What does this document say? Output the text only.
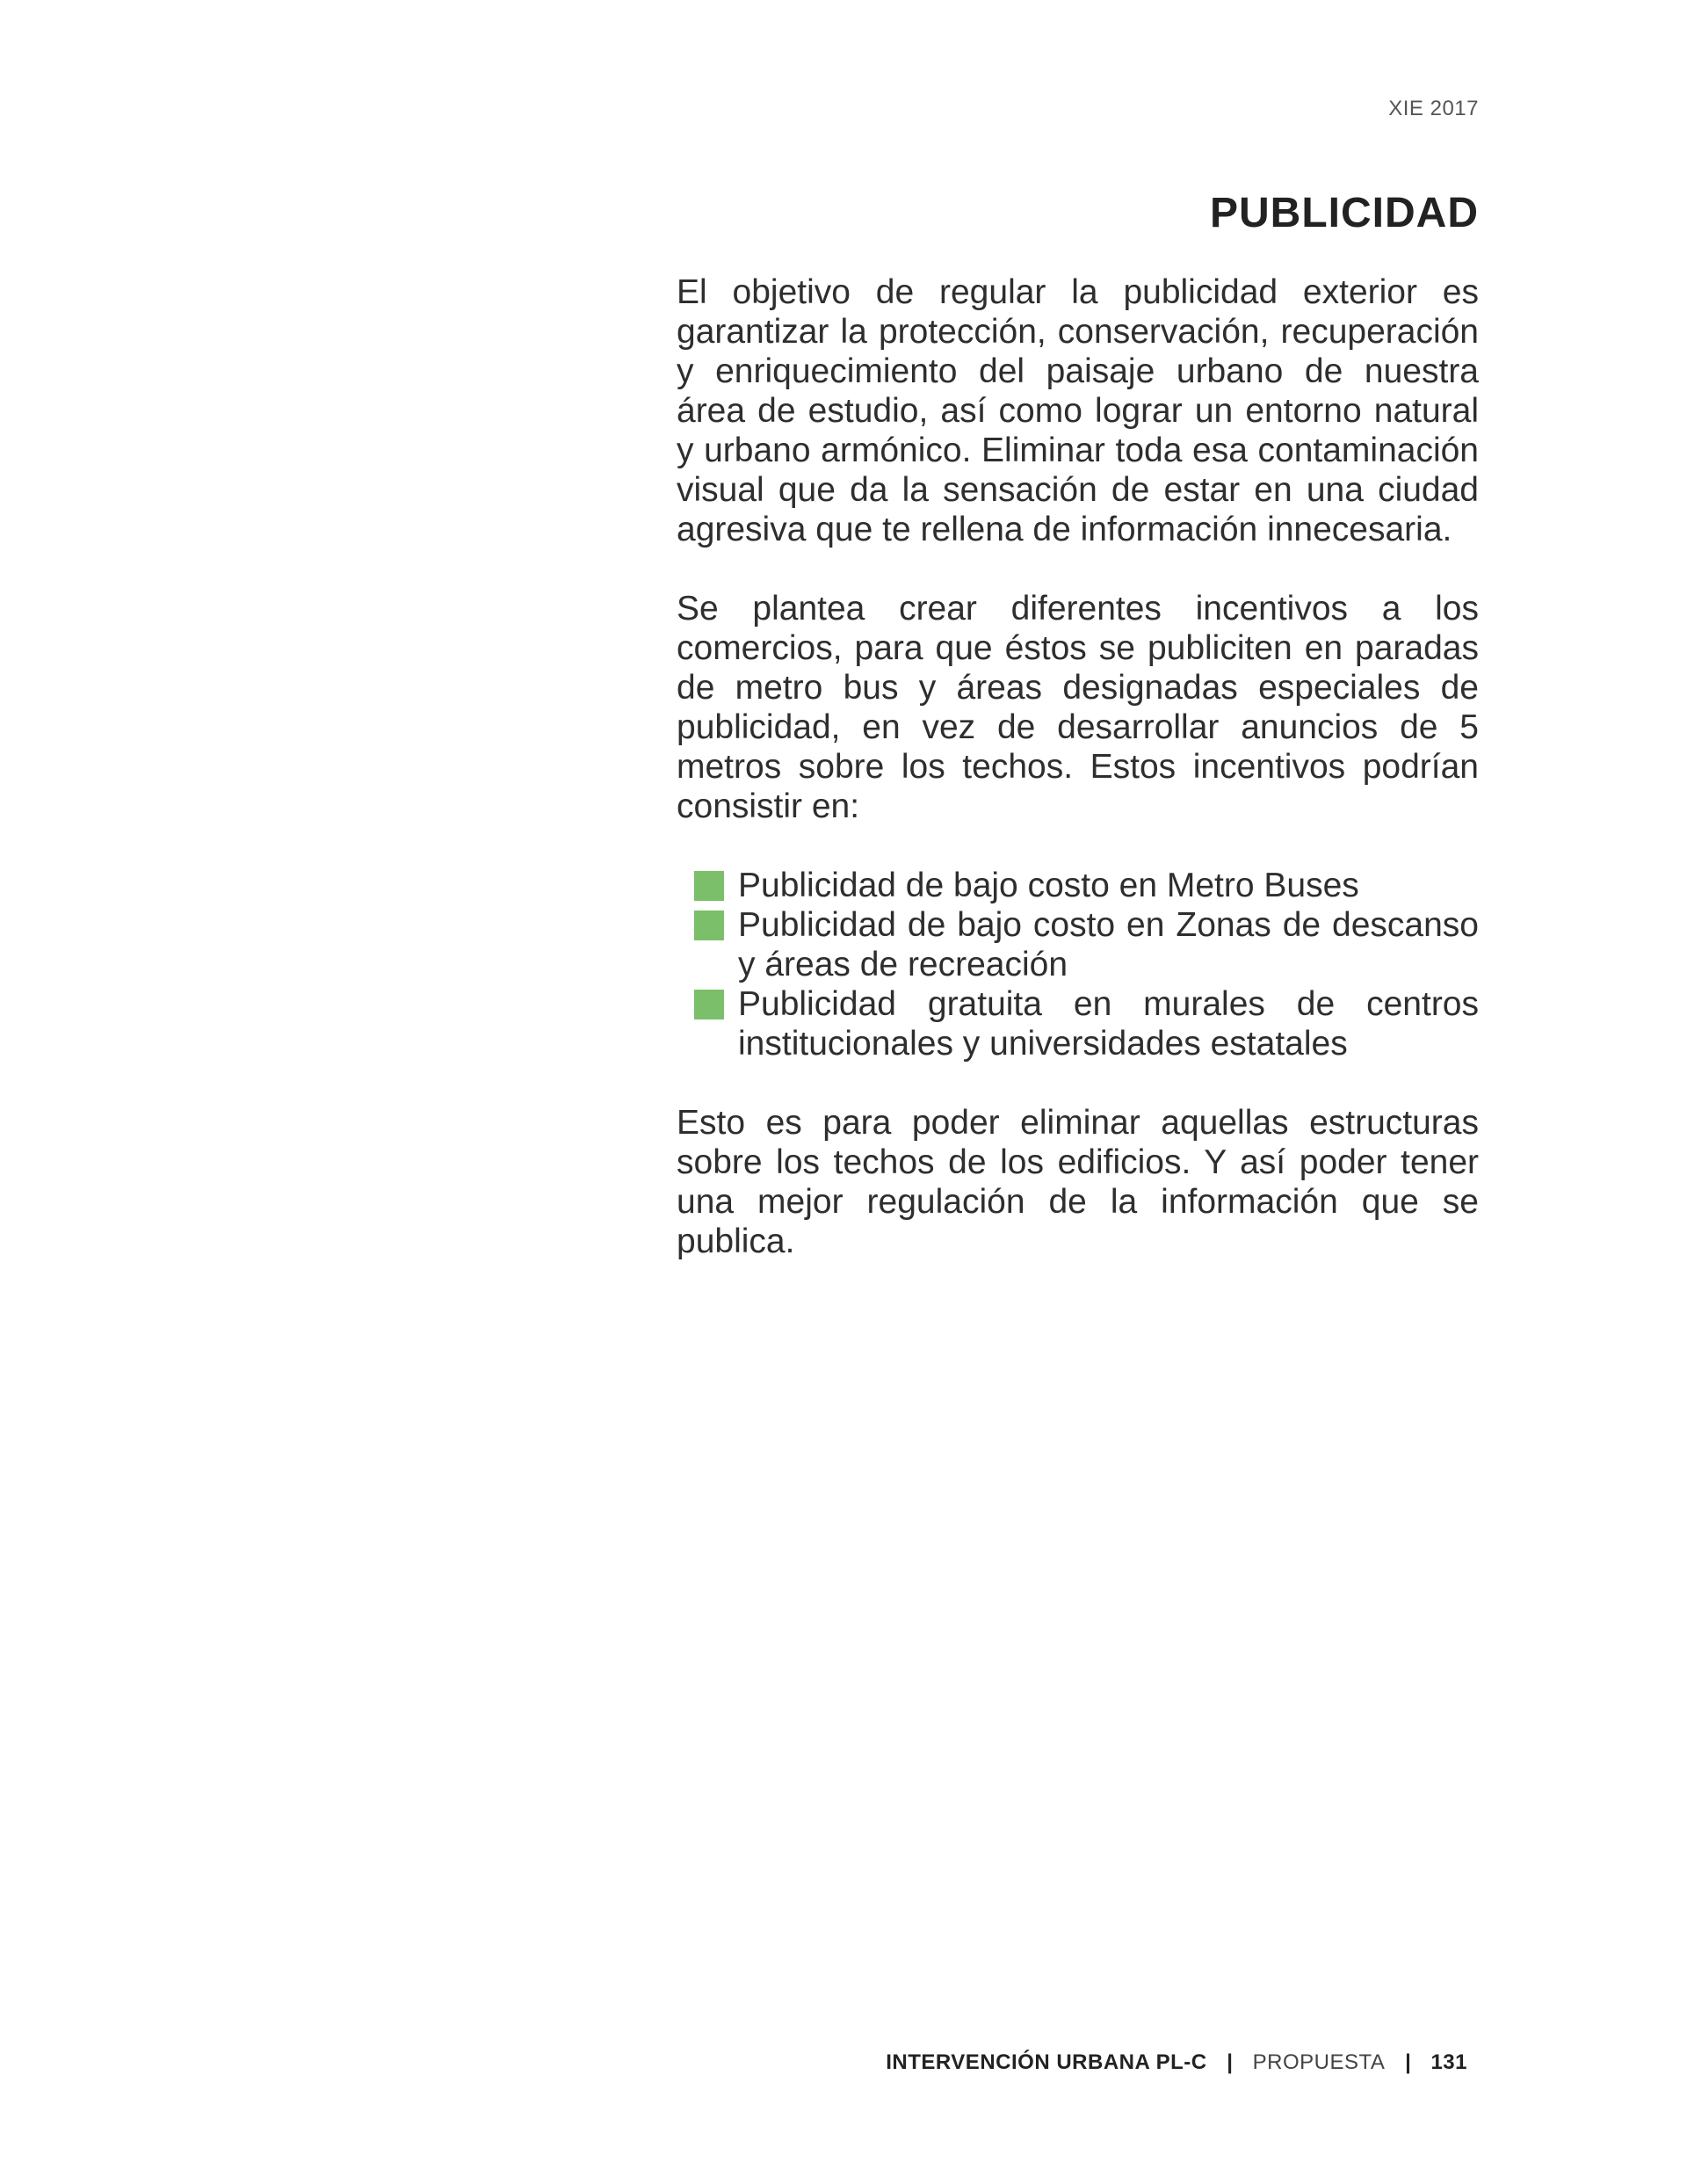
XIE 2017
PUBLICIDAD

El objetivo de regular la publicidad exterior es garantizar la protección, conservación, recuperación y enriquecimiento del paisaje urbano de nuestra área de estudio, así como lograr un entorno natural y urbano armónico. Eliminar toda esa contaminación visual que da la sensación de estar en una ciudad agresiva que te rellena de información innecesaria.

Se plantea crear diferentes incentivos a los comercios, para que éstos se publiciten en paradas de metro bus y áreas designadas especiales de publicidad, en vez de desarrollar anuncios de 5 metros sobre los techos. Estos incentivos podrían consistir en:

Publicidad de bajo costo en Metro Buses
Publicidad de bajo costo en Zonas de descanso y áreas de recreación
Publicidad gratuita en murales de centros institucionales y universidades estatales

Esto es para poder eliminar aquellas estructuras sobre los techos de los edificios. Y así poder tener una mejor regulación de la información que se publica.

INTERVENCIÓN URBANA PL-C | PROPUESTA | 131
